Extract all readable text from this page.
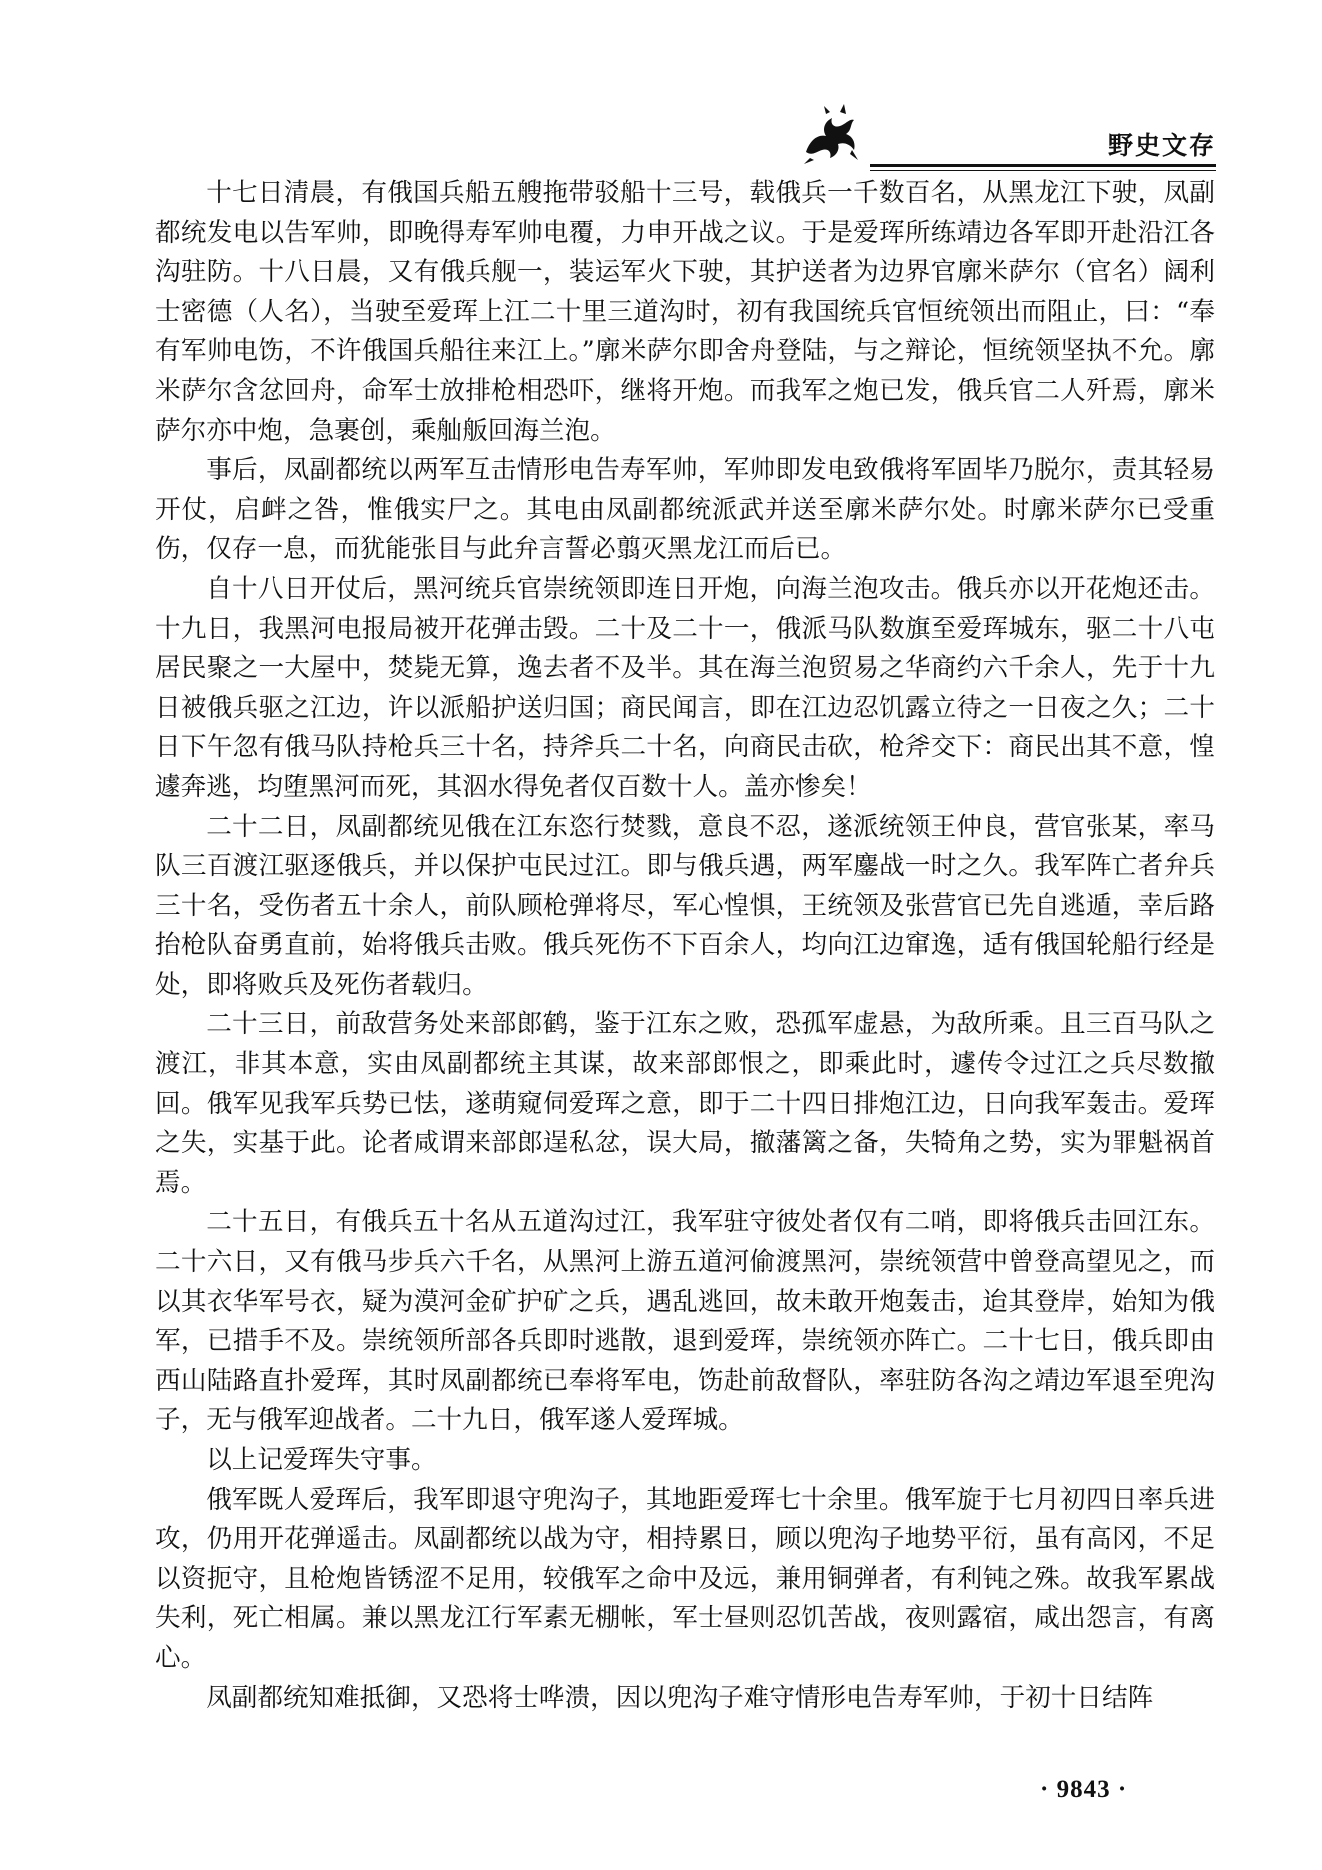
野史文存

十七日清晨，有俄国兵船五艘拖带驳船十三号，载俄兵一千数百名，从黑龙江下驶，凤副都统发电以告军帅，即晚得寿军帅电覆，力申开战之议。于是爱珲所练靖边各军即开赴沿江各沟驻防。十八日晨，又有俄兵舰一，装运军火下驶，其护送者为边界官廓米萨尔（官名）阔利士密德（人名），当驶至爱珲上江二十里三道沟时，初有我国统兵官恒统领出而阻止，曰：“奉有军帅电饬，不许俄国兵船往来江上。”廓米萨尔即舍舟登陆，与之辩论，恒统领坚执不允。廓米萨尔含忿回舟，命军士放排枪相恐吓，继将开炮。而我军之炮已发，俄兵官二人歼焉，廓米萨尔亦中炮，急裹创，乘舢舨回海兰泡。

事后，凤副都统以两军互击情形电告寿军帅，军帅即发电致俄将军固毕乃脱尔，责其轻易开仗，启衅之咎，惟俄实尸之。其电由凤副都统派武并送至廓米萨尔处。时廓米萨尔已受重伤，仅存一息，而犹能张目与此弁言誓必翦灭黑龙江而后已。

自十八日开仗后，黑河统兵官崇统领即连日开炮，向海兰泡攻击。俄兵亦以开花炮还击。十九日，我黑河电报局被开花弹击毁。二十及二十一，俄派马队数旗至爱珲城东，驱二十八屯居民聚之一大屋中，焚毙无算，逸去者不及半。其在海兰泡贸易之华商约六千余人，先于十九日被俄兵驱之江边，许以派船护送归国；商民闻言，即在江边忍饥露立待之一日夜之久；二十日下午忽有俄马队持枪兵三十名，持斧兵二十名，向商民击砍，枪斧交下：商民出其不意，惶遽奔逃，均堕黑河而死，其泅水得免者仅百数十人。盖亦惨矣！

二十二日，凤副都统见俄在江东恣行焚戮，意良不忍，遂派统领王仲良，营官张某，率马队三百渡江驱逐俄兵，并以保护屯民过江。即与俄兵遇，两军鏖战一时之久。我军阵亡者弁兵三十名，受伤者五十余人，前队顾枪弹将尽，军心惶惧，王统领及张营官已先自逃遁，幸后路抬枪队奋勇直前，始将俄兵击败。俄兵死伤不下百余人，均向江边窜逸，适有俄国轮船行经是处，即将败兵及死伤者载归。

二十三日，前敌营务处来部郎鹤，鉴于江东之败，恐孤军虚悬，为敌所乘。且三百马队之渡江，非其本意，实由凤副都统主其谋，故来部郎恨之，即乘此时，遽传令过江之兵尽数撤回。俄军见我军兵势已怯，遂萌窥伺爱珲之意，即于二十四日排炮江边，日向我军轰击。爱珲之失，实基于此。论者咸谓来部郎逞私忿，误大局，撤藩篱之备，失犄角之势，实为罪魁祸首焉。

二十五日，有俄兵五十名从五道沟过江，我军驻守彼处者仅有二哨，即将俄兵击回江东。二十六日，又有俄马步兵六千名，从黑河上游五道河偷渡黑河，崇统领营中曾登高望见之，而以其衣华军号衣，疑为漠河金矿护矿之兵，遇乱逃回，故未敢开炮轰击，迨其登岸，始知为俄军，已措手不及。崇统领所部各兵即时逃散，退到爱珲，崇统领亦阵亡。二十七日，俄兵即由西山陆路直扑爱珲，其时凤副都统已奉将军电，饬赴前敌督队，率驻防各沟之靖边军退至兜沟子，无与俄军迎战者。二十九日，俄军遂人爱珲城。

以上记爱珲失守事。

俄军既人爱珲后，我军即退守兜沟子，其地距爱珲七十余里。俄军旋于七月初四日率兵进攻，仍用开花弹遥击。凤副都统以战为守，相持累日，顾以兜沟子地势平衍，虽有高冈，不足以资扼守，且枪炮皆锈涩不足用，较俄军之命中及远，兼用铜弹者，有利钝之殊。故我军累战失利，死亡相属。兼以黑龙江行军素无棚帐，军士昼则忍饥苦战，夜则露宿，咸出怨言，有离心。

凤副都统知难抵御，又恐将士哗溃，因以兜沟子难守情形电告寿军帅，于初十日结阵

· 9843 ·
